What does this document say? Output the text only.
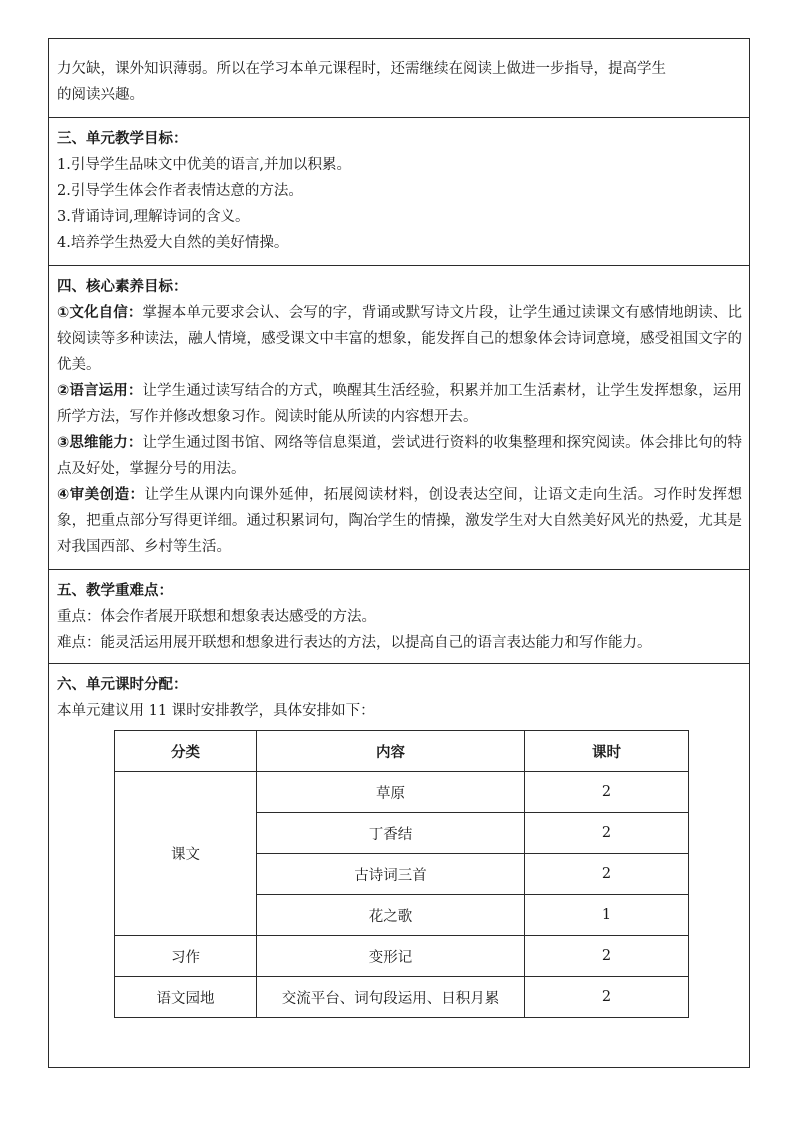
力欠缺，课外知识薄弱。所以在学习本单元课程时，还需继续在阅读上做进一步指导，提高学生

的阅读兴趣。

三、单元教学目标：

1.引导学生品味文中优美的语言,并加以积累。

2.引导学生体会作者表情达意的方法。

3.背诵诗词,理解诗词的含义。

4.培养学生热爱大自然的美好情操。

四、核心素养目标：

①文化自信：掌握本单元要求会认、会写的字，背诵或默写诗文片段，让学生通过读课文有感情地朗读、比较阅读等多种读法，融人情境，感受课文中丰富的想象，能发挥自己的想象体会诗词意境，感受祖国文字的优美。

②语言运用：让学生通过读写结合的方式，唤醒其生活经验，积累并加工生活素材，让学生发挥想象，运用所学方法，写作并修改想象习作。阅读时能从所读的内容想开去。

③思维能力：让学生通过图书馆、网络等信息渠道，尝试进行资料的收集整理和探究阅读。体会排比句的特点及好处，掌握分号的用法。

④审美创造：让学生从课内向课外延伸，拓展阅读材料，创设表达空间，让语文走向生活。习作时发挥想象，把重点部分写得更详细。通过积累词句，陶冶学生的情操，激发学生对大自然美好风光的热爱，尤其是对我国西部、乡村等生活。

五、教学重难点：

重点：体会作者展开联想和想象表达感受的方法。

难点：能灵活运用展开联想和想象进行表达的方法，以提高自己的语言表达能力和写作能力。

六、单元课时分配：

本单元建议用 11 课时安排教学，具体安排如下：

分类	内容	课时
课文	草原	2
	丁香结	2
	古诗词三首	2
	花之歌	1
习作	变形记	2
语文园地	交流平台、词句段运用、日积月累	2
